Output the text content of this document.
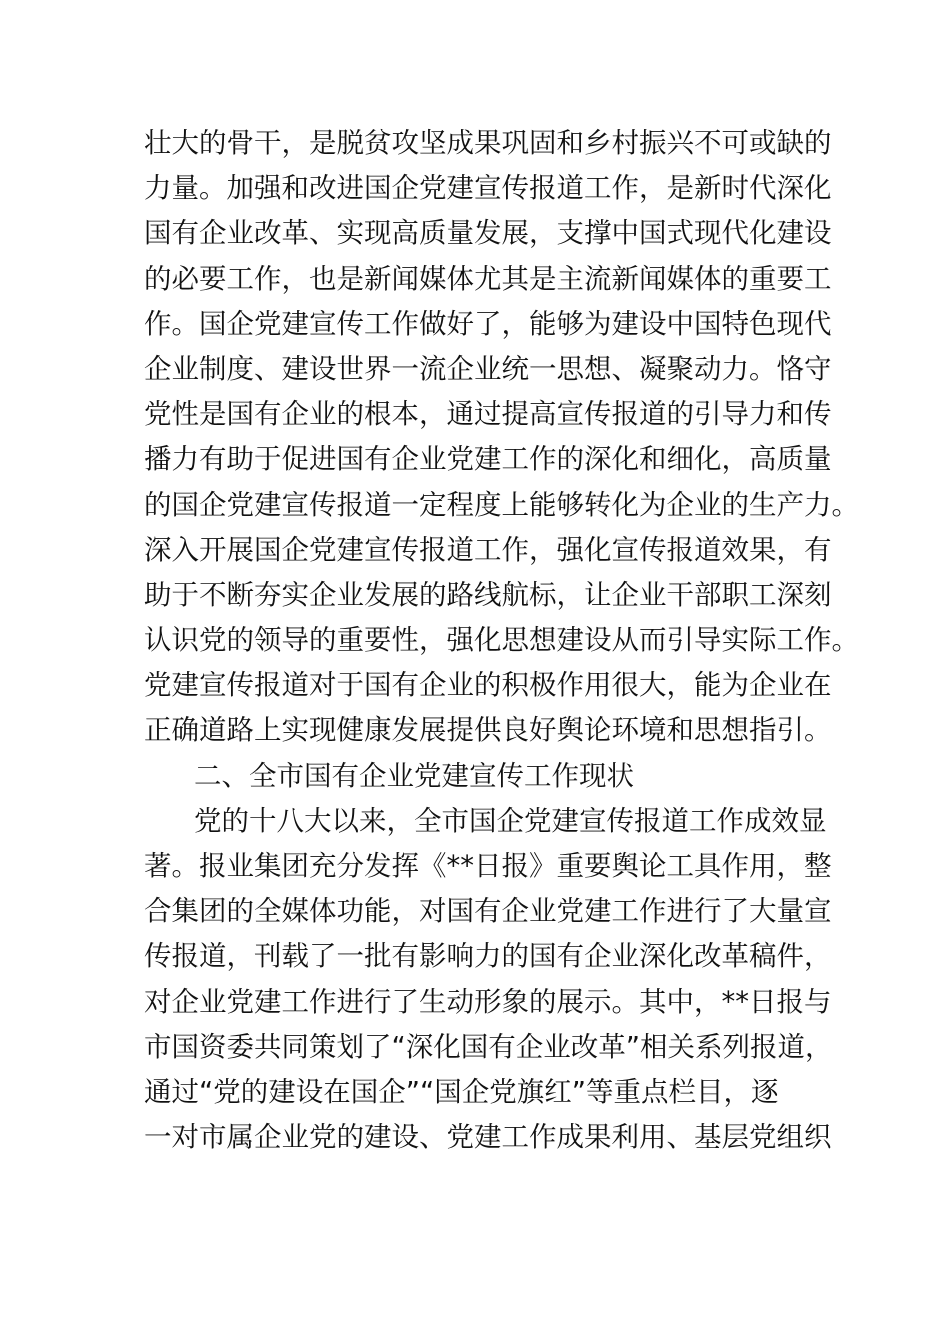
壮大的骨干，是脱贫攻坚成果巩固和乡村振兴不可或缺的
力量。加强和改进国企党建宣传报道工作，是新时代深化
国有企业改革、实现高质量发展，支撑中国式现代化建设
的必要工作，也是新闻媒体尤其是主流新闻媒体的重要工
作。国企党建宣传工作做好了，能够为建设中国特色现代
企业制度、建设世界一流企业统一思想、凝聚动力。恪守
党性是国有企业的根本，通过提高宣传报道的引导力和传
播力有助于促进国有企业党建工作的深化和细化，高质量
的国企党建宣传报道一定程度上能够转化为企业的生产力。
深入开展国企党建宣传报道工作，强化宣传报道效果，有
助于不断夯实企业发展的路线航标，让企业干部职工深刻
认识党的领导的重要性，强化思想建设从而引导实际工作。
党建宣传报道对于国有企业的积极作用很大，能为企业在
正确道路上实现健康发展提供良好舆论环境和思想指引。
二、全市国有企业党建宣传工作现状
党的十八大以来，全市国企党建宣传报道工作成效显
著。报业集团充分发挥《**日报》重要舆论工具作用，整
合集团的全媒体功能，对国有企业党建工作进行了大量宣
传报道，刊载了一批有影响力的国有企业深化改革稿件，
对企业党建工作进行了生动形象的展示。其中，**日报与
市国资委共同策划了“深化国有企业改革”相关系列报道，
通过“党的建设在国企”“国企党旗红”等重点栏目，逐
一对市属企业党的建设、党建工作成果利用、基层党组织
